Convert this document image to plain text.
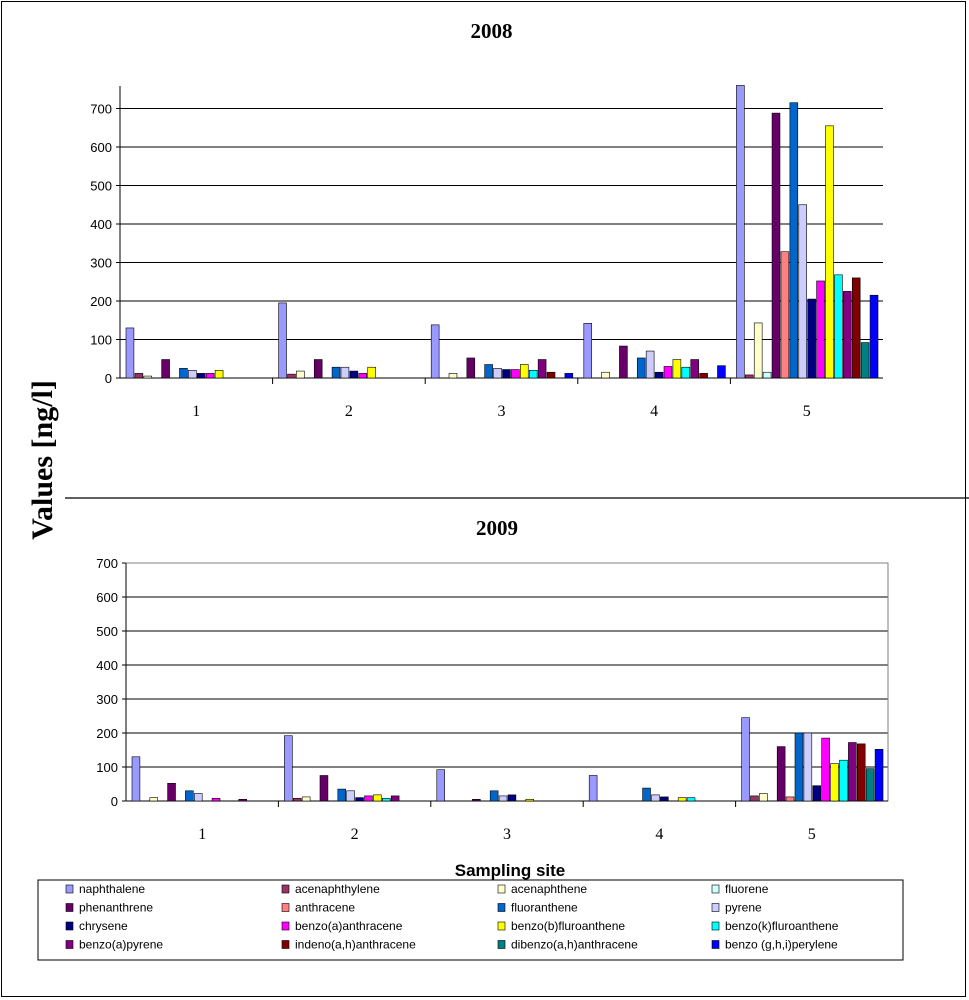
Values [ng/l]
Sampling site
2008
0
100
200
300
400
500
600
700
1	2	3	4	5
2009
0
100
200
300
400
500
600
700
1	2	3	4	5
naphthalene	acenaphthylene	acenaphthene	fluorene
phenanthrene	anthracene	fluoranthene	pyrene
chrysene	benzo(a)anthracene	benzo(b)fluroanthene	benzo(k)fluroanthene
benzo(a)pyrene	indeno(a,h)anthracene	dibenzo(a,h)anthracene	benzo (g,h,i)perylene
